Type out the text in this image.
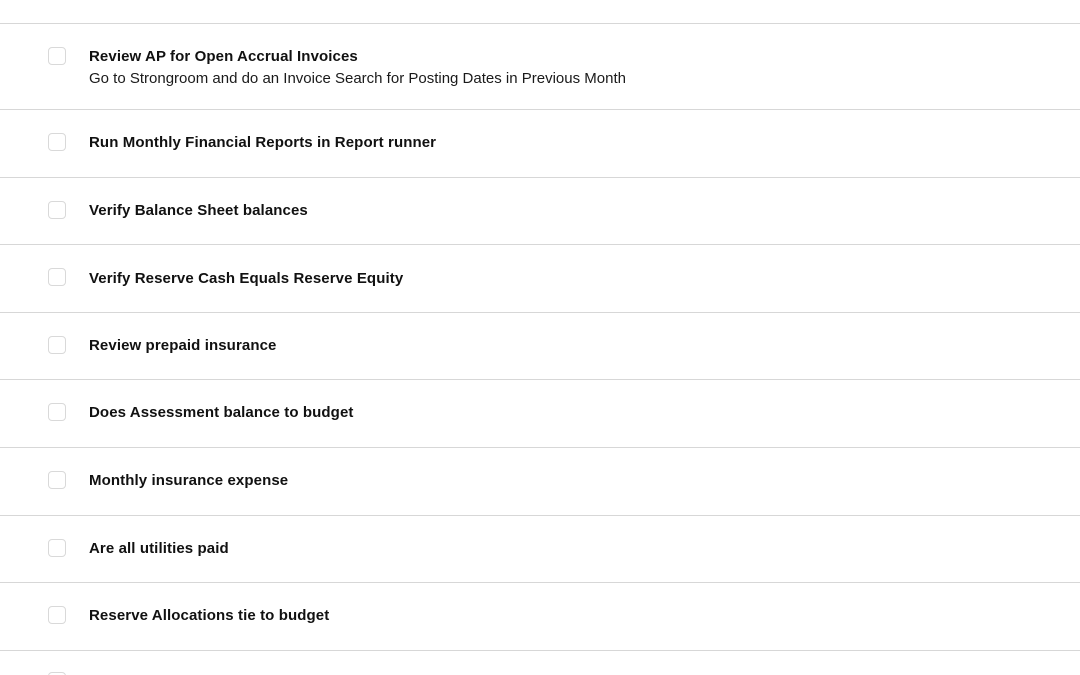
Review AP for Open Accrual Invoices
Go to Strongroom and do an Invoice Search for Posting Dates in Previous Month
Run Monthly Financial Reports in Report runner
Verify Balance Sheet balances
Verify Reserve Cash Equals Reserve Equity
Review prepaid insurance
Does Assessment balance to budget
Monthly insurance expense
Are all utilities paid
Reserve Allocations tie to budget
